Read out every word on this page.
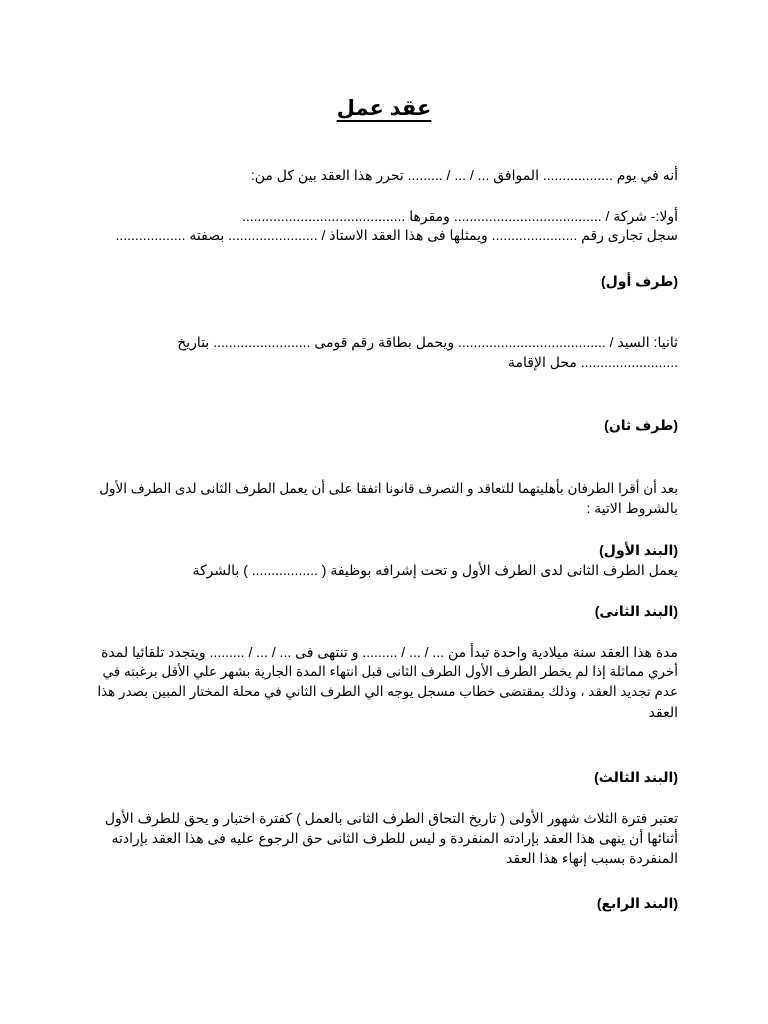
عقد عمل
أنه في يوم .................. الموافق ... / ... / ......... تحرر هذا العقد بين كل من:
أولا:- شركة / ...................................... ومقرها ..........................................
سجل تجارى رقم ...................... ويمثلها فى هذا العقد الاستاذ / ....................... بصفته ..................
(طرف أول)
ثانيا: السيد / ...................................... ويحمل بطاقة رقم قومى ......................... بتاريخ
......................... محل الإقامة
(طرف ثان)
بعد أن أقرا الطرفان بأهليتهما للتعاقد و التصرف قانونا اتفقا على أن يعمل الطرف الثانى لدى الطرف الأول
بالشروط الاتية :
(البند الأول)
يعمل الطرف الثانى لدى الطرف الأول و تحت إشرافه بوظيفة ( ................. ) بالشركة
(البند الثانى)
مدة هذا العقد سنة ميلادية واحدة تبدأ من ... / ... / ......... و تنتهى فى ... / ... / ......... ويتجدد تلقائيا لمدة
أخري مماثلة إذا لم يخطر الطرف الأول الطرف الثانى قبل انتهاء المدة الجارية بشهر علي الأقل برغبته في
عدم تجديد العقد ، وذلك بمقتضى خطاب مسجل يوجه الي الطرف الثاني في محلة المختار المبين بصدر هذا
العقد
(البند الثالث)
تعتبر فترة الثلاث شهور الأولى ( تاريخ التحاق الطرف الثانى بالعمل ) كفترة اختبار و يحق للطرف الأول
أثنائها أن ينهى هذا العقد بإرادته المنفردة و ليس للطرف الثانى حق الرجوع عليه فى هذا العقد بإرادته
المنفردة بسبب إنهاء هذا العقد
(البند الرابع)
